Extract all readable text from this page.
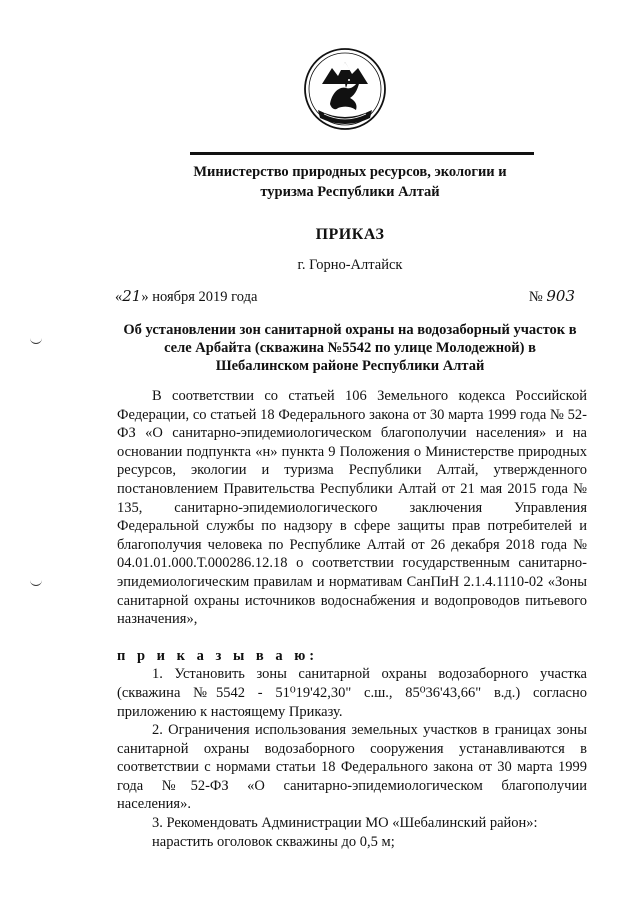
Министерство природных ресурсов, экологии и
туризма Республики Алтай
ПРИКАЗ
г. Горно-Алтайск
«21» ноября 2019 года	№ 903
Об установлении зон санитарной охраны на водозаборный участок в
селе Арбайта (скважина №5542 по улице Молодежной) в
Шебалинском районе Республики Алтай

В соответствии со статьей 106 Земельного кодекса Российской Федерации, со статьей 18 Федерального закона от 30 марта 1999 года № 52-ФЗ «О санитарно-эпидемиологическом благополучии населения» и на основании подпункта «н» пункта 9 Положения о Министерстве природных ресурсов, экологии и туризма Республики Алтай, утвержденного постановлением Правительства Республики Алтай от 21 мая 2015 года № 135, санитарно-эпидемиологического заключения Управления Федеральной службы по надзору в сфере защиты прав потребителей и благополучия человека по Республике Алтай от 26 декабря 2018 года № 04.01.01.000.Т.000286.12.18 о соответствии государственным санитарно-эпидемиологическим правилам и нормативам СанПиН 2.1.4.1110-02 «Зоны санитарной охраны источников водоснабжения и водопроводов питьевого назначения»,

п р и к а з ы в а ю:

1. Установить зоны санитарной охраны водозаборного участка (скважина №5542 - 51⁰19'42,30" с.ш., 85⁰36'43,66" в.д.) согласно приложению к настоящему Приказу.

2. Ограничения использования земельных участков в границах зоны санитарной охраны водозаборного сооружения устанавливаются в соответствии с нормами статьи 18 Федерального закона от 30 марта 1999 года №52-ФЗ «О санитарно-эпидемиологическом благополучии населения».

3. Рекомендовать Администрации МО «Шебалинский район»:

нарастить оголовок скважины до 0,5 м;
